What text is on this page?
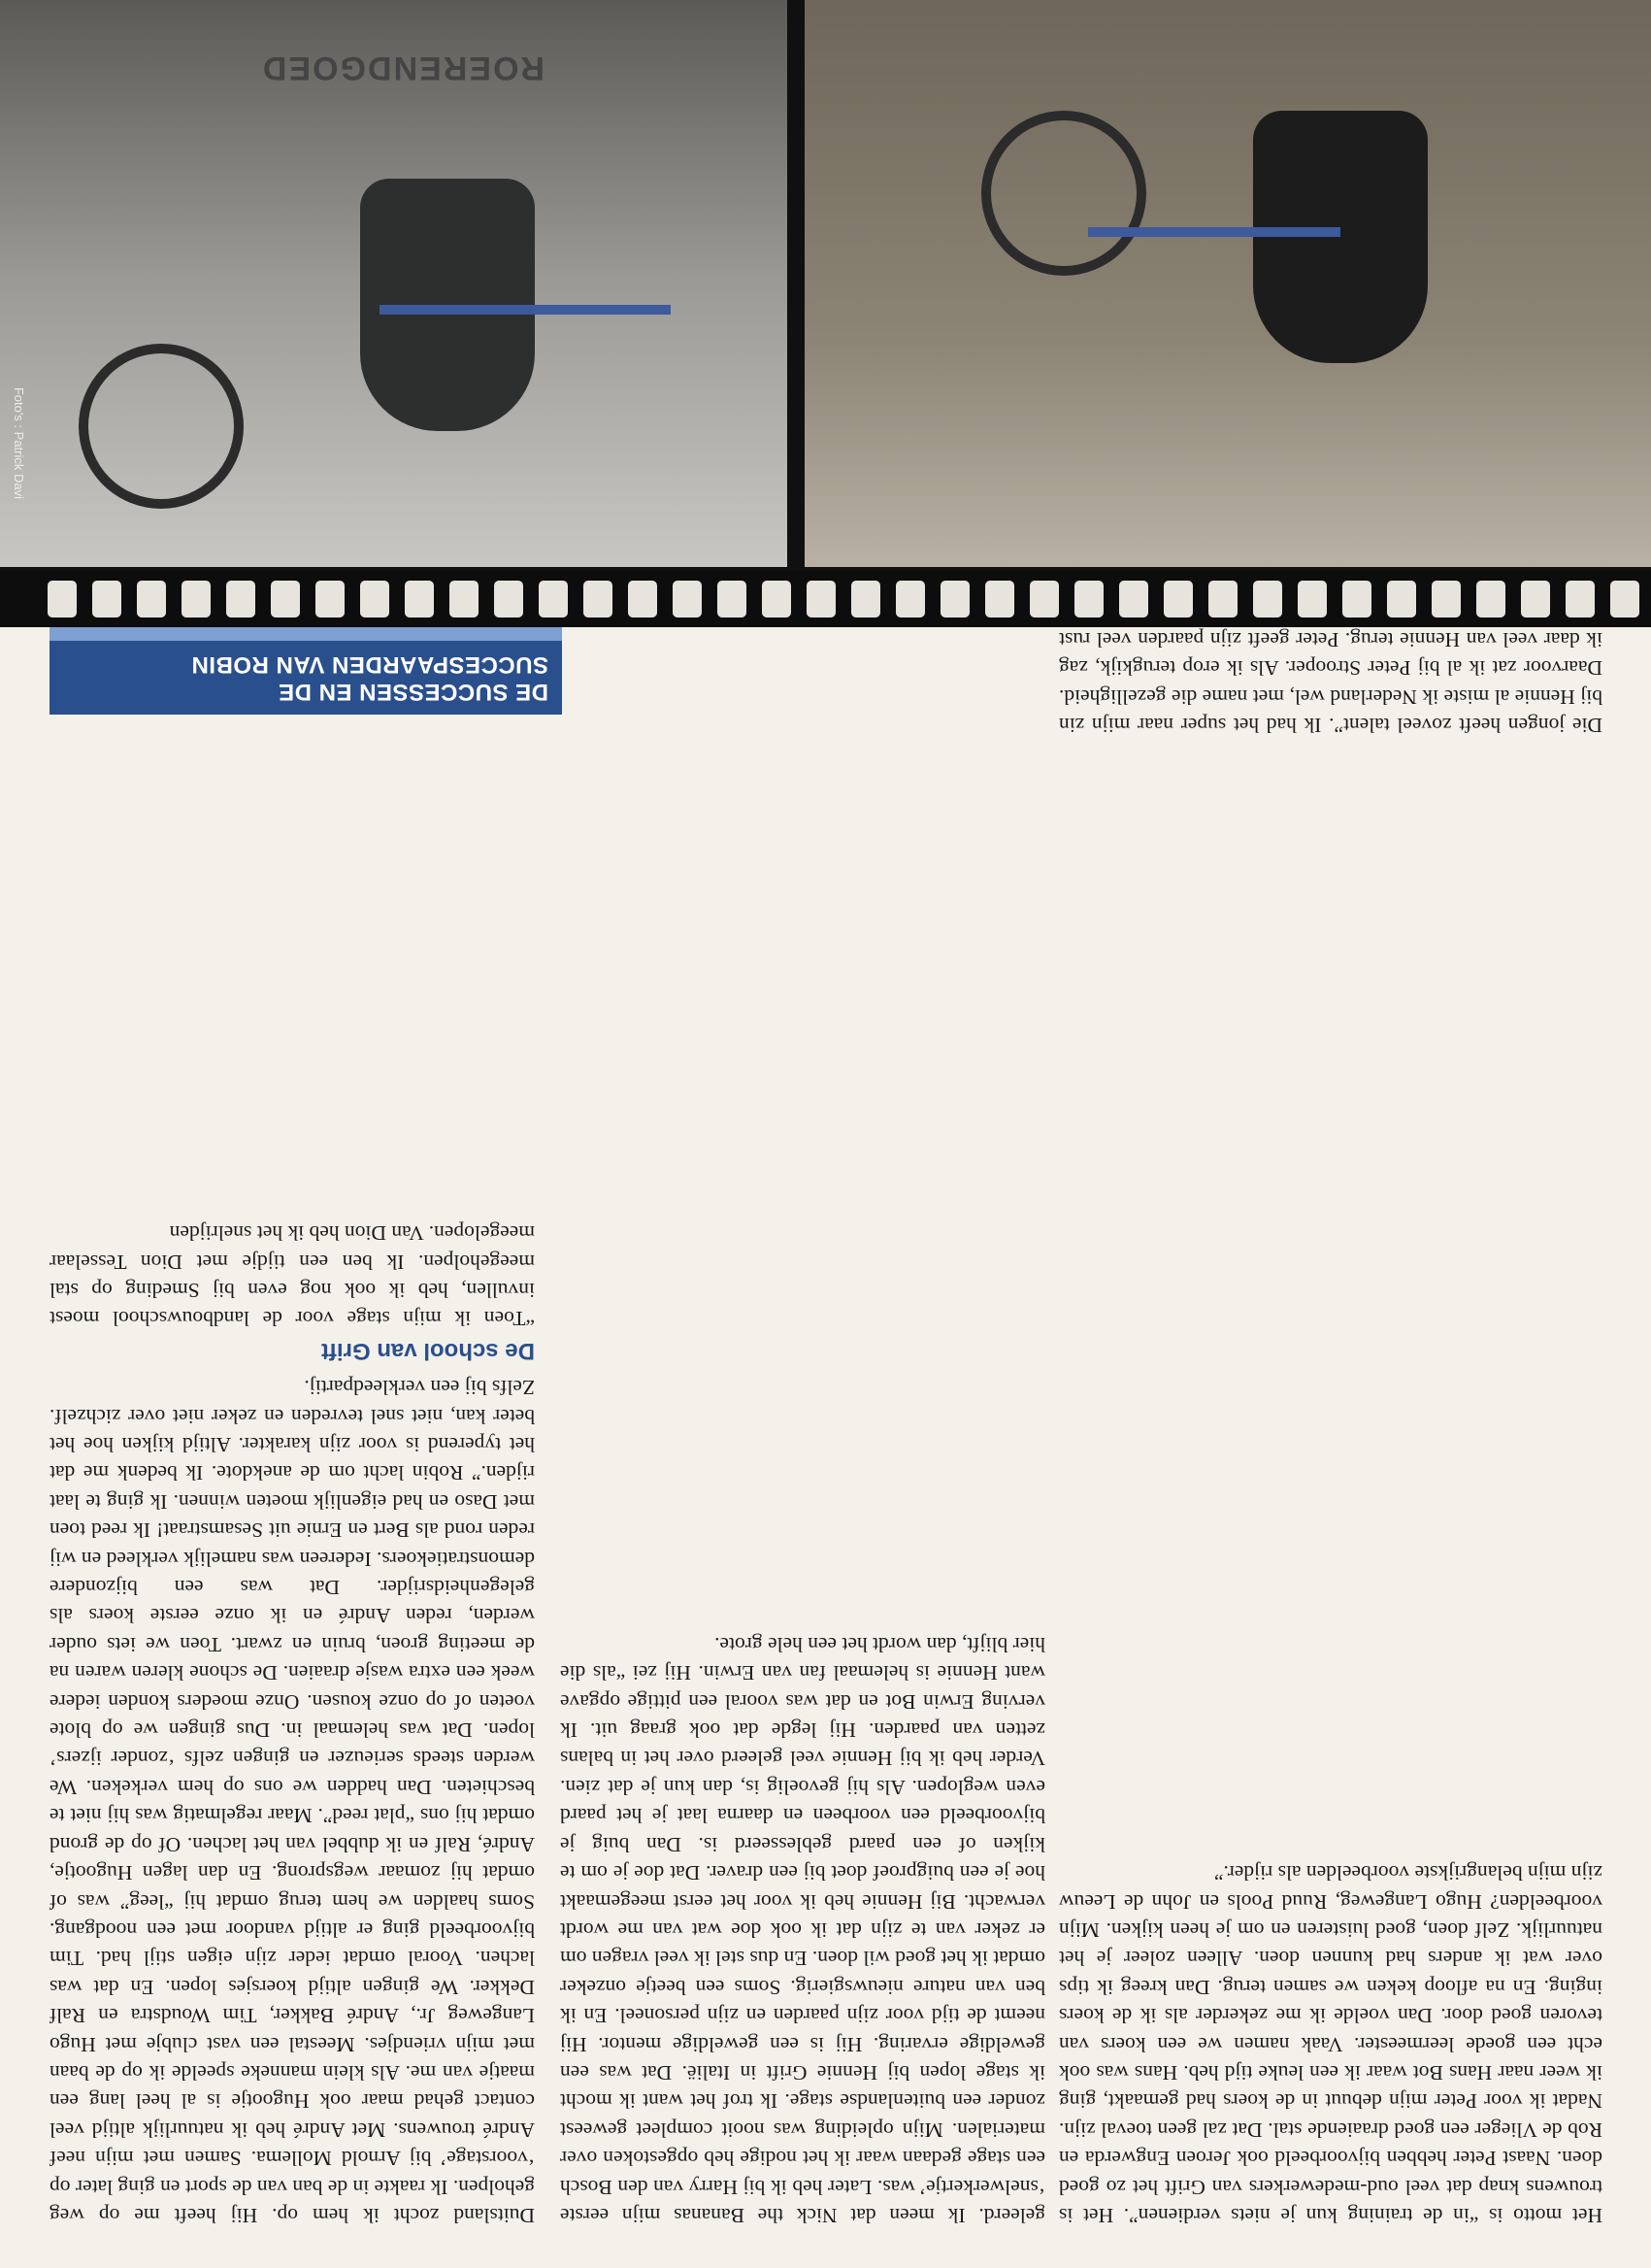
Het motto is “in de training kun je niets verdienen”. Het is trouwens knap dat veel oud-medewerkers van Grift het zo goed doen. Naast Peter hebben bijvoorbeeld ook Jeroen Engwerda en Rob de Vlieger een goed draaiende stal. Dat zal geen toeval zijn. Nadat ik voor Peter mijn debuut in de koers had gemaakt, ging ik weer naar Hans Bot waar ik een leuke tijd heb. Hans was ook echt een goede leermeester. Vaak namen we een koers van tevoren goed door. Dan voelde ik me zekerder als ik de koers inging. En na afloop keken we samen terug. Dan kreeg ik tips over wat ik anders had kunnen doen. Alleen zoleer je het natuurlijk. Zelf doen, goed luisteren en om je heen kijken. Mijn voorbeelden? Hugo Langeweg, Ruud Pools en John de Leeuw zijn mijn belangrijkste voorbeelden als rijder.”

geleerd. Ik meen dat Nick the Bananas mijn eerste ‘snelwerkertje’ was. Later heb ik bij Harry van den Bosch een stage gedaan waar ik het nodige heb opgestoken over materialen. Mijn opleiding was nooit compleet geweest zonder een buitenlandse stage. Ik trof het want ik mocht ik stage lopen bij Hennie Grift in Italië. Dat was een geweldige ervaring. Hij is een geweldige mentor. Hij neemt de tijd voor zijn paarden en zijn personeel. En ik ben van nature nieuwsgierig. Soms een beetje onzeker omdat ik het goed wil doen. En dus stel ik veel vragen om er zeker van te zijn dat ik ook doe wat van me wordt verwacht. Bij Hennie heb ik voor het eerst meegemaakt hoe je een buigproef doet bij een draver. Dat doe je om te kijken of een paard geblesseerd is. Dan buig je bijvoorbeeld een voorbeen en daarna laat je het paard even weglopen. Als hij gevoelig is, dan kun je dat zien. Verder heb ik bij Hennie veel geleerd over het in balans zetten van paarden. Hij legde dat ook graag uit. Ik verving Erwin Bot en dat was vooral een pittige opgave want Hennie is helemaal fan van Erwin. Hij zei “als die hier blijft, dan wordt het een hele grote.

Duitsland zocht ik hem op. Hij heeft me op weg geholpen. Ik raakte in de ban van de sport en ging later op ‘voorstage’ bij Arnold Mollema. Samen met mijn neef André trouwens. Met André heb ik natuurlijk altijd veel contact gehad maar ook Hugootje is al heel lang een maatje van me. Als klein manneke speelde ik op de baan met mijn vriendjes. Meestal een vast clubje met Hugo Langeweg Jr., André Bakker, Tim Woudstra en Ralf Dekker. We gingen altijd koersjes lopen. En dat was lachen. Vooral omdat ieder zijn eigen stijl had. Tim bijvoorbeeld ging er altijd vandoor met een noodgang. Soms haalden we hem terug omdat hij “leeg” was of omdat hij zomaar wegsprong. En dan lagen Hugootje, André, Ralf en ik dubbel van het lachen. Of op de grond omdat hij ons “plat reed”. Maar regelmatig was hij niet te beschieten. Dan hadden we ons op hem verkeken. We werden steeds serieuzer en gingen zelfs ‘zonder ijzers’ lopen. Dat was helemaal in. Dus gingen we op blote voeten of op onze kousen. Onze moeders konden iedere week een extra wasje draaien. De schone kleren waren na de meeting groen, bruin en zwart. Toen we iets ouder werden, reden André en ik onze eerste koers als gelegenheidsrijder. Dat was een bijzondere demonstratiekoers. Iedereen was namelijk verkleed en wij reden rond als Bert en Ernie uit Sesamstraat! Ik reed toen met Daso en had eigenlijk moeten winnen. Ik ging te laat rijden.” Robin lacht om de anekdote. Ik bedenk me dat het typerend is voor zijn karakter. Altijd kijken hoe het beter kan, niet snel tevreden en zeker niet over zichzelf. Zelfs bij een verkleedpartij.

De school van Grift

“Toen ik mijn stage voor de landbouwschool moest invullen, heb ik ook nog even bij Smeding op stal meegeholpen. Ik ben een tijdje met Dion Tesselaar meegelopen. Van Dion heb ik het snelrijden

DE SUCCESSEN EN DE SUCCESPAARDEN VAN ROBIN

Die jongen heeft zoveel talent”. Ik had het super naar mijn zin bij Hennie al miste ik Nederland wel, met name die gezelligheid. Daarvoor zat ik al bij Peter Strooper. Als ik erop terugkijk, zag ik daar veel van Hennie terug. Peter geeft zijn paarden veel rust

ROERENDGOED
Foto's : Patrick Davi
